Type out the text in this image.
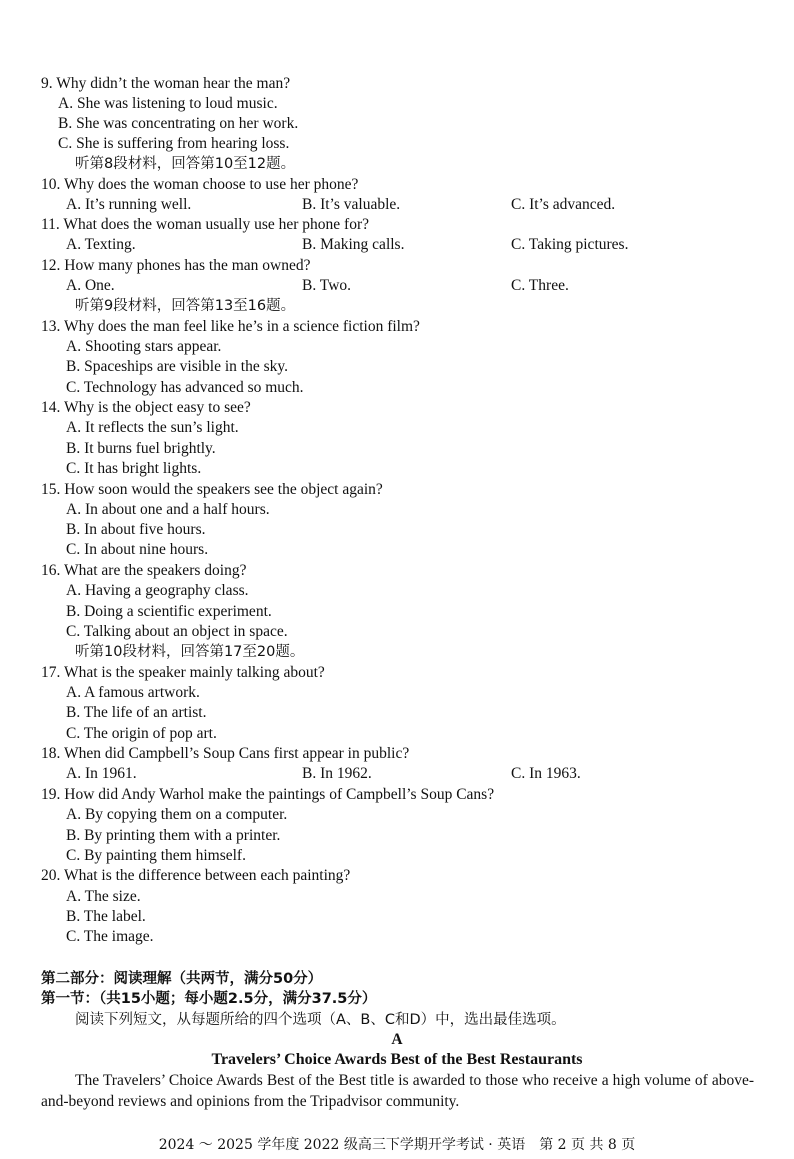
9. Why didn’t the woman hear the man?
A. She was listening to loud music.
B. She was concentrating on her work.
C. She is suffering from hearing loss.
听第8段材料，回答第10至12题。
10. Why does the woman choose to use her phone?
A. It’s running well.	B. It’s valuable.	C. It’s advanced.
11. What does the woman usually use her phone for?
A. Texting.	B. Making calls.	C. Taking pictures.
12. How many phones has the man owned?
A. One.	B. Two.	C. Three.
听第9段材料，回答第13至16题。
13. Why does the man feel like he’s in a science fiction film?
A. Shooting stars appear.
B. Spaceships are visible in the sky.
C. Technology has advanced so much.
14. Why is the object easy to see?
A. It reflects the sun’s light.
B. It burns fuel brightly.
C. It has bright lights.
15. How soon would the speakers see the object again?
A. In about one and a half hours.
B. In about five hours.
C. In about nine hours.
16. What are the speakers doing?
A. Having a geography class.
B. Doing a scientific experiment.
C. Talking about an object in space.
听第10段材料，回答第17至20题。
17. What is the speaker mainly talking about?
A. A famous artwork.
B. The life of an artist.
C. The origin of pop art.
18. When did Campbell’s Soup Cans first appear in public?
A. In 1961.	B. In 1962.	C. In 1963.
19. How did Andy Warhol make the paintings of Campbell’s Soup Cans?
A. By copying them on a computer.
B. By printing them with a printer.
C. By painting them himself.
20. What is the difference between each painting?
A. The size.
B. The label.
C. The image.
第二部分：阅读理解（共两节，满分50分）
第一节：（共15小题；每小题2.5分，满分37.5分）
阅读下列短文，从每题所给的四个选项（A、B、C和D）中，选出最佳选项。
A
Travelers’ Choice Awards Best of the Best Restaurants
The Travelers’ Choice Awards Best of the Best title is awarded to those who receive a high volume of above-and-beyond reviews and opinions from the Tripadvisor community.
2024 ～ 2025 学年度 2022 级高三下学期开学考试 · 英语　第 2 页 共 8 页
